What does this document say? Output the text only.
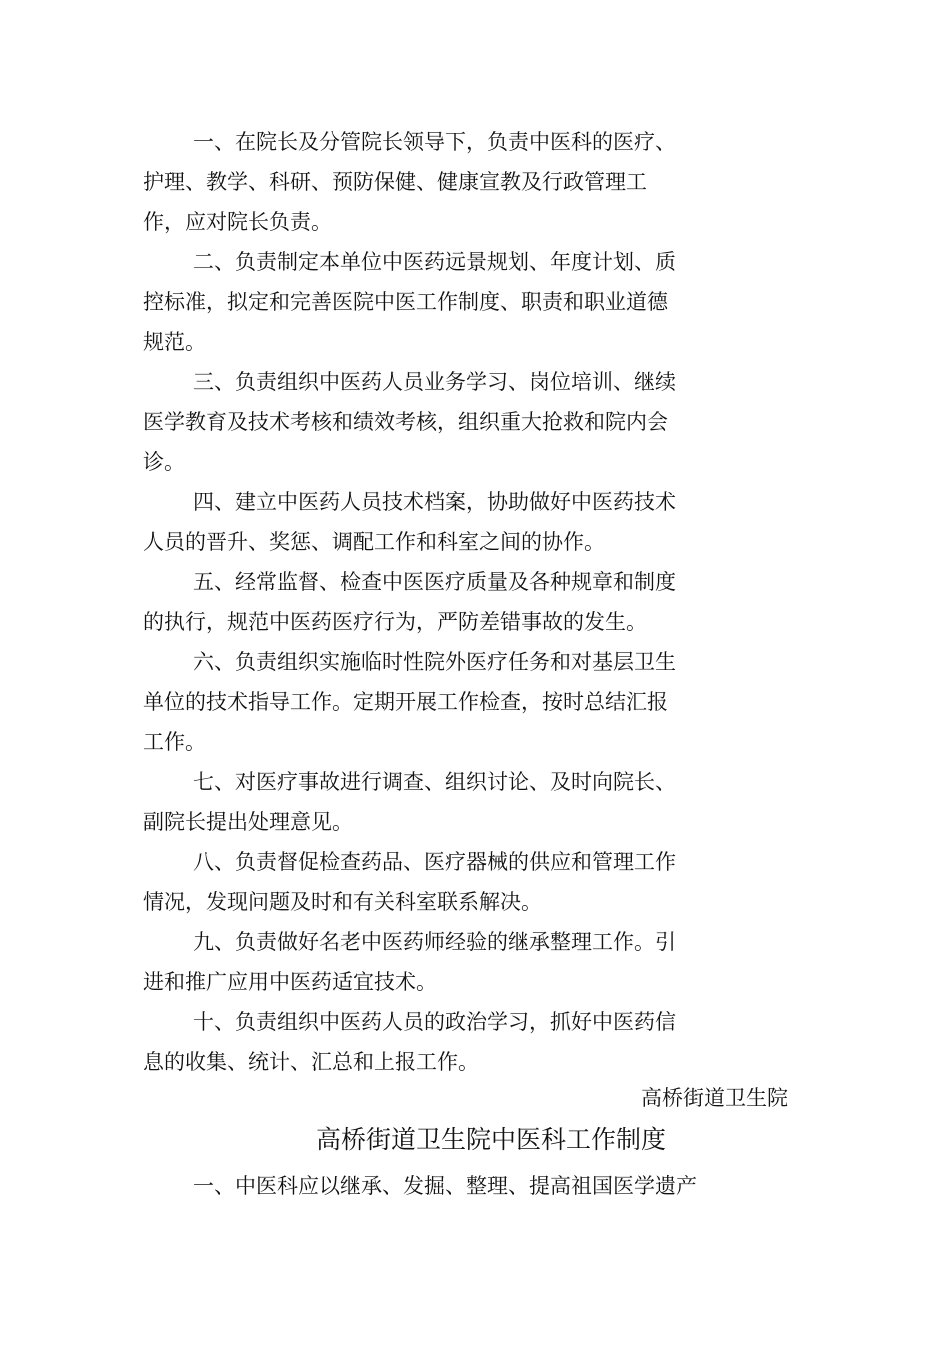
一、在院长及分管院长领导下，负责中医科的医疗、
护理、教学、科研、预防保健、健康宣教及行政管理工
作，应对院长负责。
二、负责制定本单位中医药远景规划、年度计划、质
控标准，拟定和完善医院中医工作制度、职责和职业道德
规范。
三、负责组织中医药人员业务学习、岗位培训、继续
医学教育及技术考核和绩效考核，组织重大抢救和院内会
诊。
四、建立中医药人员技术档案，协助做好中医药技术
人员的晋升、奖惩、调配工作和科室之间的协作。
五、经常监督、检查中医医疗质量及各种规章和制度
的执行，规范中医药医疗行为，严防差错事故的发生。
六、负责组织实施临时性院外医疗任务和对基层卫生
单位的技术指导工作。定期开展工作检查，按时总结汇报
工作。
七、对医疗事故进行调查、组织讨论、及时向院长、
副院长提出处理意见。
八、负责督促检查药品、医疗器械的供应和管理工作
情况，发现问题及时和有关科室联系解决。
九、负责做好名老中医药师经验的继承整理工作。引
进和推广应用中医药适宜技术。
十、负责组织中医药人员的政治学习，抓好中医药信
息的收集、统计、汇总和上报工作。
高桥街道卫生院
高桥街道卫生院中医科工作制度
一、中医科应以继承、发掘、整理、提高祖国医学遗产
